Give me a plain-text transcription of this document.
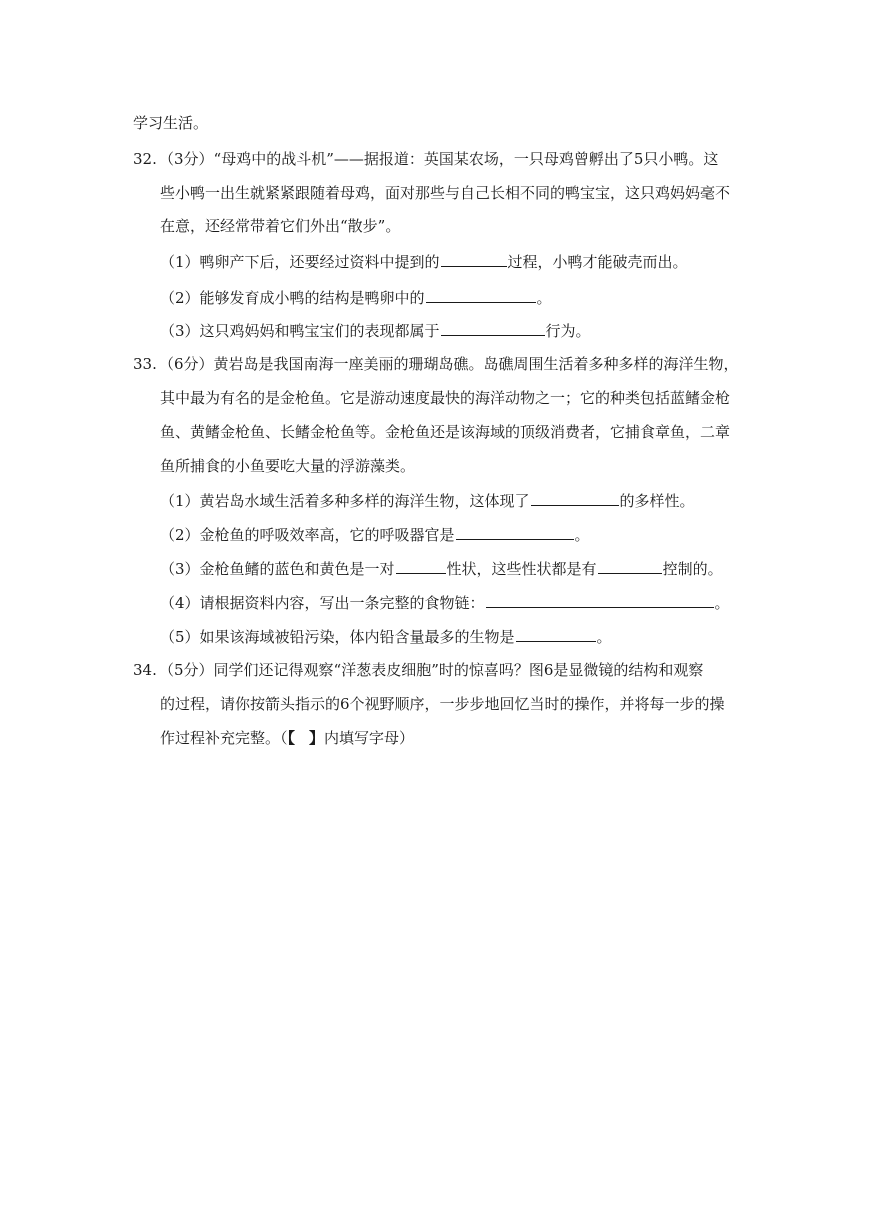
学习生活。
32. （3分）“母鸡中的战斗机”——据报道：英国某农场，一只母鸡曾孵出了5只小鸭。这
些小鸭一出生就紧紧跟随着母鸡，面对那些与自己长相不同的鸭宝宝，这只鸡妈妈毫不
在意，还经常带着它们外出“散步”。
（1）鸭卵产下后，还要经过资料中提到的	过程，小鸭才能破壳而出。
（2）能够发育成小鸭的结构是鸭卵中的	。
（3）这只鸡妈妈和鸭宝宝们的表现都属于	行为。
33. （6分）黄岩岛是我国南海一座美丽的珊瑚岛礁。岛礁周围生活着多种多样的海洋生物，
其中最为有名的是金枪鱼。它是游动速度最快的海洋动物之一；它的种类包括蓝鳍金枪
鱼、黄鳍金枪鱼、长鳍金枪鱼等。金枪鱼还是该海域的顶级消费者，它捕食章鱼，二章
鱼所捕食的小鱼要吃大量的浮游藻类。
（1）黄岩岛水域生活着多种多样的海洋生物，这体现了	的多样性。
（2）金枪鱼的呼吸效率高，它的呼吸器官是	。
（3）金枪鱼鳍的蓝色和黄色是一对	性状，这些性状都是有	控制的。
（4）请根据资料内容，写出一条完整的食物链：	。
（5）如果该海域被铅污染，体内铅含量最多的生物是	。
34. （5分）同学们还记得观察“洋葱表皮细胞”时的惊喜吗？图6是显微镜的结构和观察
的过程，请你按箭头指示的6个视野顺序，一步步地回忆当时的操作，并将每一步的操
作过程补充完整。（【 】内填写字母）
